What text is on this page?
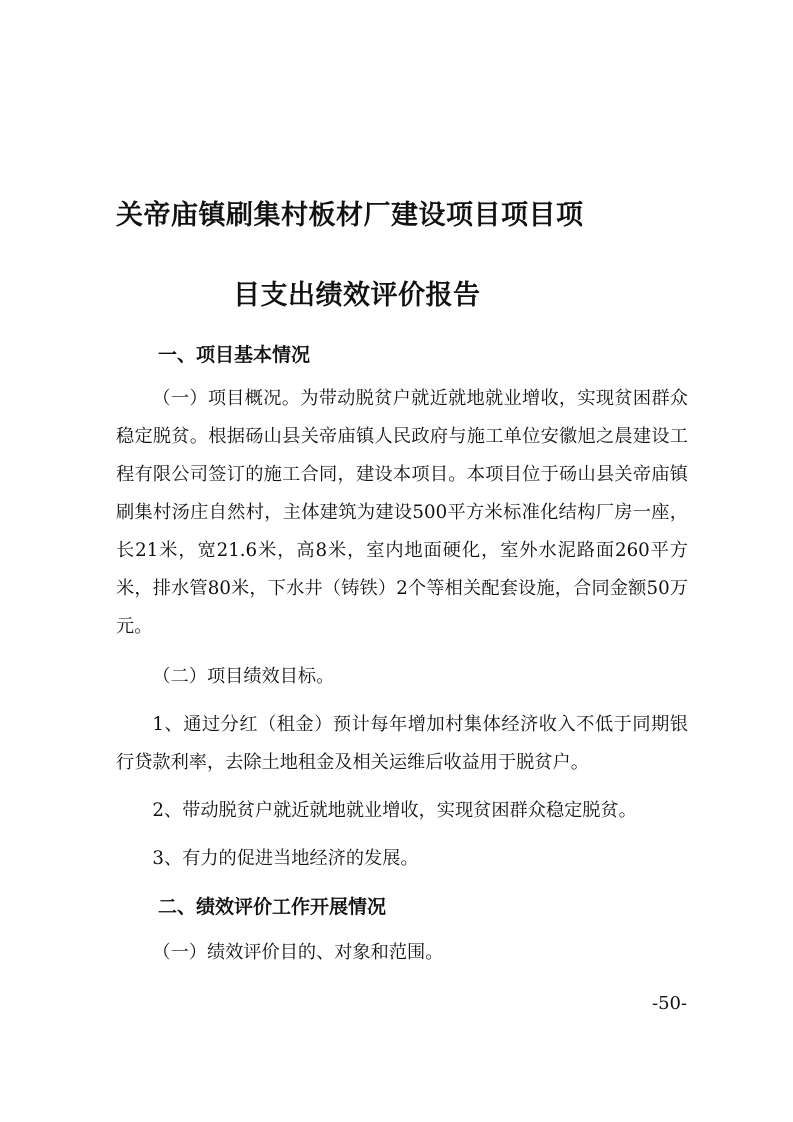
关帝庙镇刷集村板材厂建设项目项目项
目支出绩效评价报告
一、项目基本情况

（一）项目概况。为带动脱贫户就近就地就业增收，实现贫困群众稳定脱贫。根据砀山县关帝庙镇人民政府与施工单位安徽旭之晨建设工程有限公司签订的施工合同，建设本项目。本项目位于砀山县关帝庙镇刷集村汤庄自然村，主体建筑为建设500平方米标准化结构厂房一座，长21米，宽21.6米，高8米，室内地面硬化，室外水泥路面260平方米，排水管80米，下水井（铸铁）2个等相关配套设施，合同金额50万元。

（二）项目绩效目标。

1、通过分红（租金）预计每年增加村集体经济收入不低于同期银行贷款利率，去除土地租金及相关运维后收益用于脱贫户。

2、带动脱贫户就近就地就业增收，实现贫困群众稳定脱贫。

3、有力的促进当地经济的发展。

二、绩效评价工作开展情况

（一）绩效评价目的、对象和范围。

-50-
